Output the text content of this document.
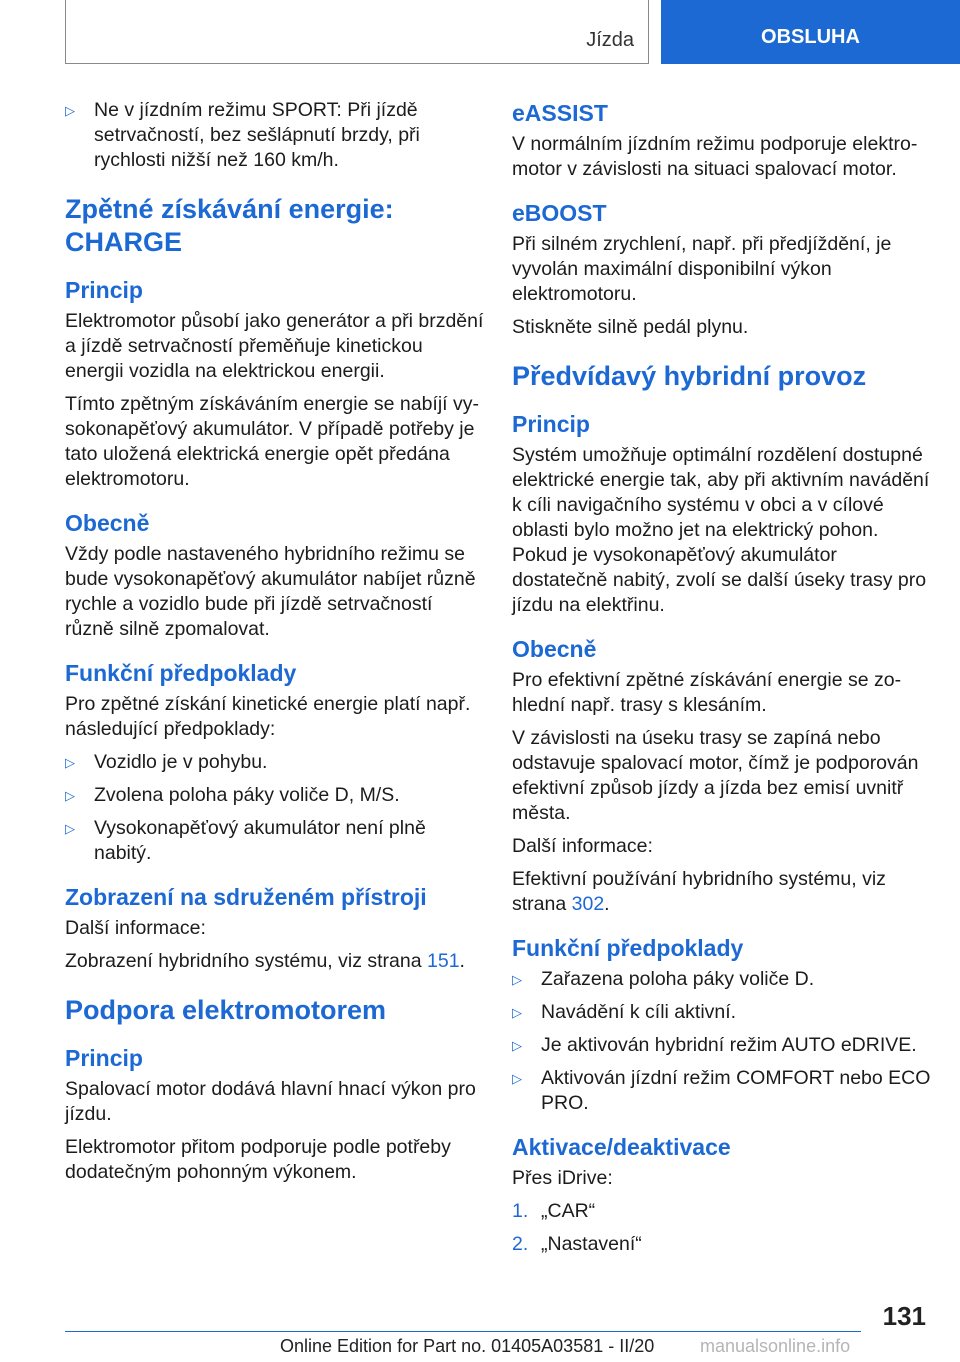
Jízda	OBSLUHA
▷ Ne v jízdním režimu SPORT: Při jízdě setrvačností, bez sešlápnutí brzdy, při rychlosti nižší než 160 km/h.
Zpětné získávání energie: CHARGE
Princip

Elektromotor působí jako generátor a při brzdění a jízdě setrvačností přeměňuje kinetickou energii vozidla na elektrickou energii.

Tímto zpětným získáváním energie se nabíjí vysokonapěťový akumulátor. V případě potřeby je tato uložená elektrická energie opět předána elektromotoru.

Obecně

Vždy podle nastaveného hybridního režimu se bude vysokonapěťový akumulátor nabíjet různě rychle a vozidlo bude při jízdě setrvačností různě silně zpomalovat.

Funkční předpoklady

Pro zpětné získání kinetické energie platí např. následující předpoklady:

▷ Vozidlo je v pohybu.
▷ Zvolena poloha páky voliče D, M/S.
▷ Vysokonapěťový akumulátor není plně nabitý.
Zobrazení na sdruženém přístroji

Další informace:

Zobrazení hybridního systému, viz strana 151.

Podpora elektromotorem
Princip

Spalovací motor dodává hlavní hnací výkon pro jízdu.

Elektromotor přitom podporuje podle potřeby dodatečným pohonným výkonem.

eASSIST

V normálním jízdním režimu podporuje elektromotor v závislosti na situaci spalovací motor.

eBOOST

Při silném zrychlení, např. při předjíždění, je vyvolán maximální disponibilní výkon elektromotoru.

Stiskněte silně pedál plynu.

Předvídavý hybridní provoz
Princip

Systém umožňuje optimální rozdělení dostupné elektrické energie tak, aby při aktivním navádění k cíli navigačního systému v obci a v cílové oblasti bylo možno jet na elektrický pohon. Pokud je vysokonapěťový akumulátor dostatečně nabitý, zvolí se další úseky trasy pro jízdu na elektřinu.

Obecně

Pro efektivní zpětné získávání energie se zohlední např. trasy s klesáním.

V závislosti na úseku trasy se zapíná nebo odstavuje spalovací motor, čímž je podporován efektivní způsob jízdy a jízda bez emisí uvnitř města.

Další informace:

Efektivní používání hybridního systému, viz strana 302.

Funkční předpoklady
▷ Zařazena poloha páky voliče D.
▷ Navádění k cíli aktivní.
▷ Je aktivován hybridní režim AUTO eDRIVE.
▷ Aktivován jízdní režim COMFORT nebo ECO PRO.
Aktivace/deaktivace

Přes iDrive:

1. „CAR“
2. „Nastavení“
131
Online Edition for Part no. 01405A03581 - II/20	manualsonline.info
